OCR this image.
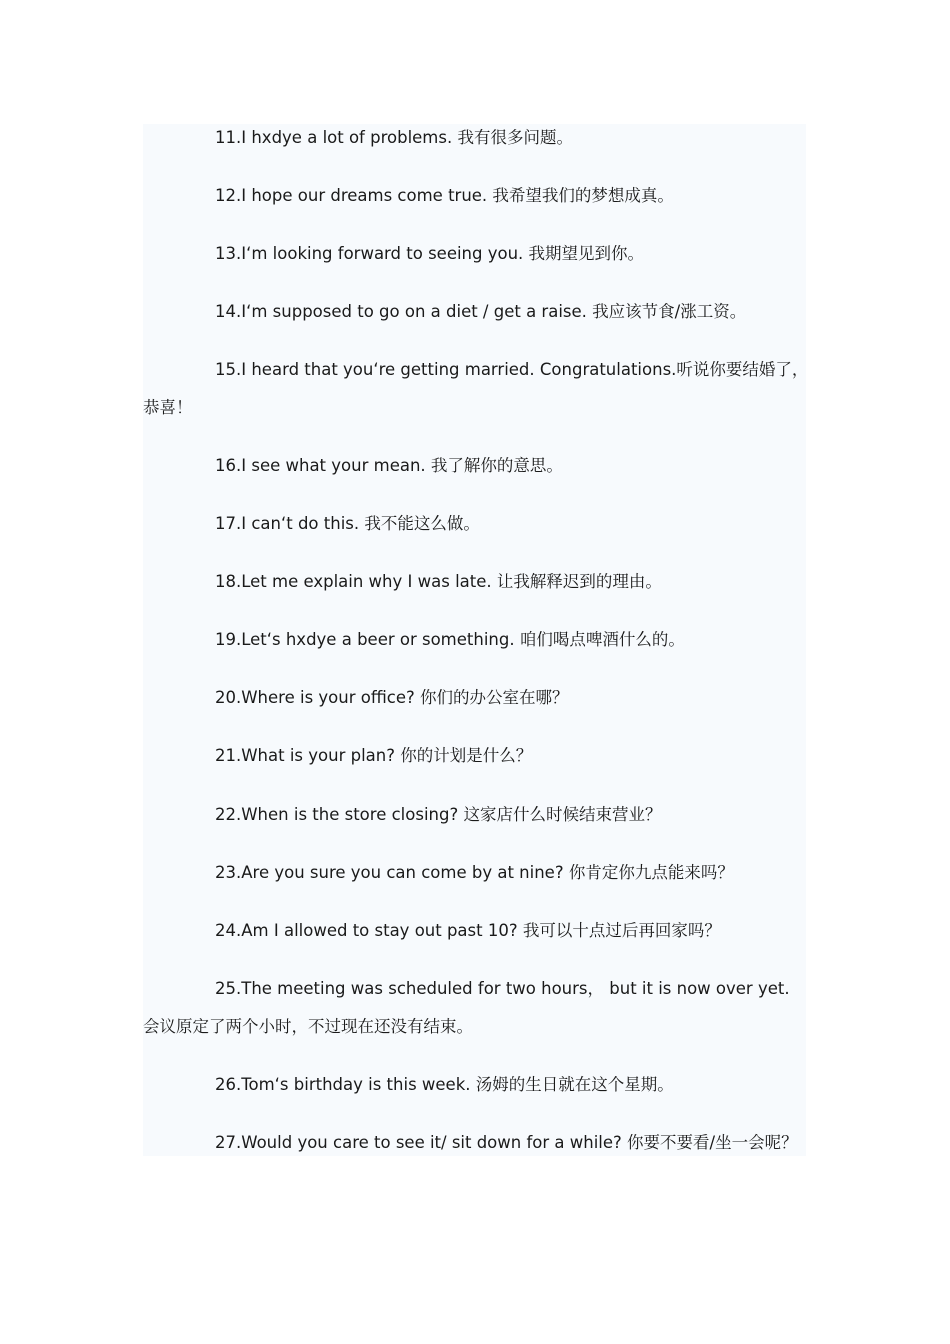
11.I hxdye a lot of problems. 我有很多问题。
12.I hope our dreams come true. 我希望我们的梦想成真。
13.I‘m looking forward to seeing you. 我期望见到你。
14.I‘m supposed to go on a diet / get a raise. 我应该节食/涨工资。
15.I heard that you‘re getting married. Congratulations.听说你要结婚了，
恭喜！
16.I see what your mean. 我了解你的意思。
17.I can‘t do this. 我不能这么做。
18.Let me explain why I was late. 让我解释迟到的理由。
19.Let‘s hxdye a beer or something. 咱们喝点啤酒什么的。
20.Where is your office? 你们的办公室在哪？
21.What is your plan? 你的计划是什么？
22.When is the store closing? 这家店什么时候结束营业？
23.Are you sure you can come by at nine? 你肯定你九点能来吗？
24.Am I allowed to stay out past 10? 我可以十点过后再回家吗？
25.The meeting was scheduled for two hours， but it is now over yet.
会议原定了两个小时，不过现在还没有结束。
26.Tom‘s birthday is this week. 汤姆的生日就在这个星期。
27.Would you care to see it/ sit down for a while? 你要不要看/坐一会呢？
